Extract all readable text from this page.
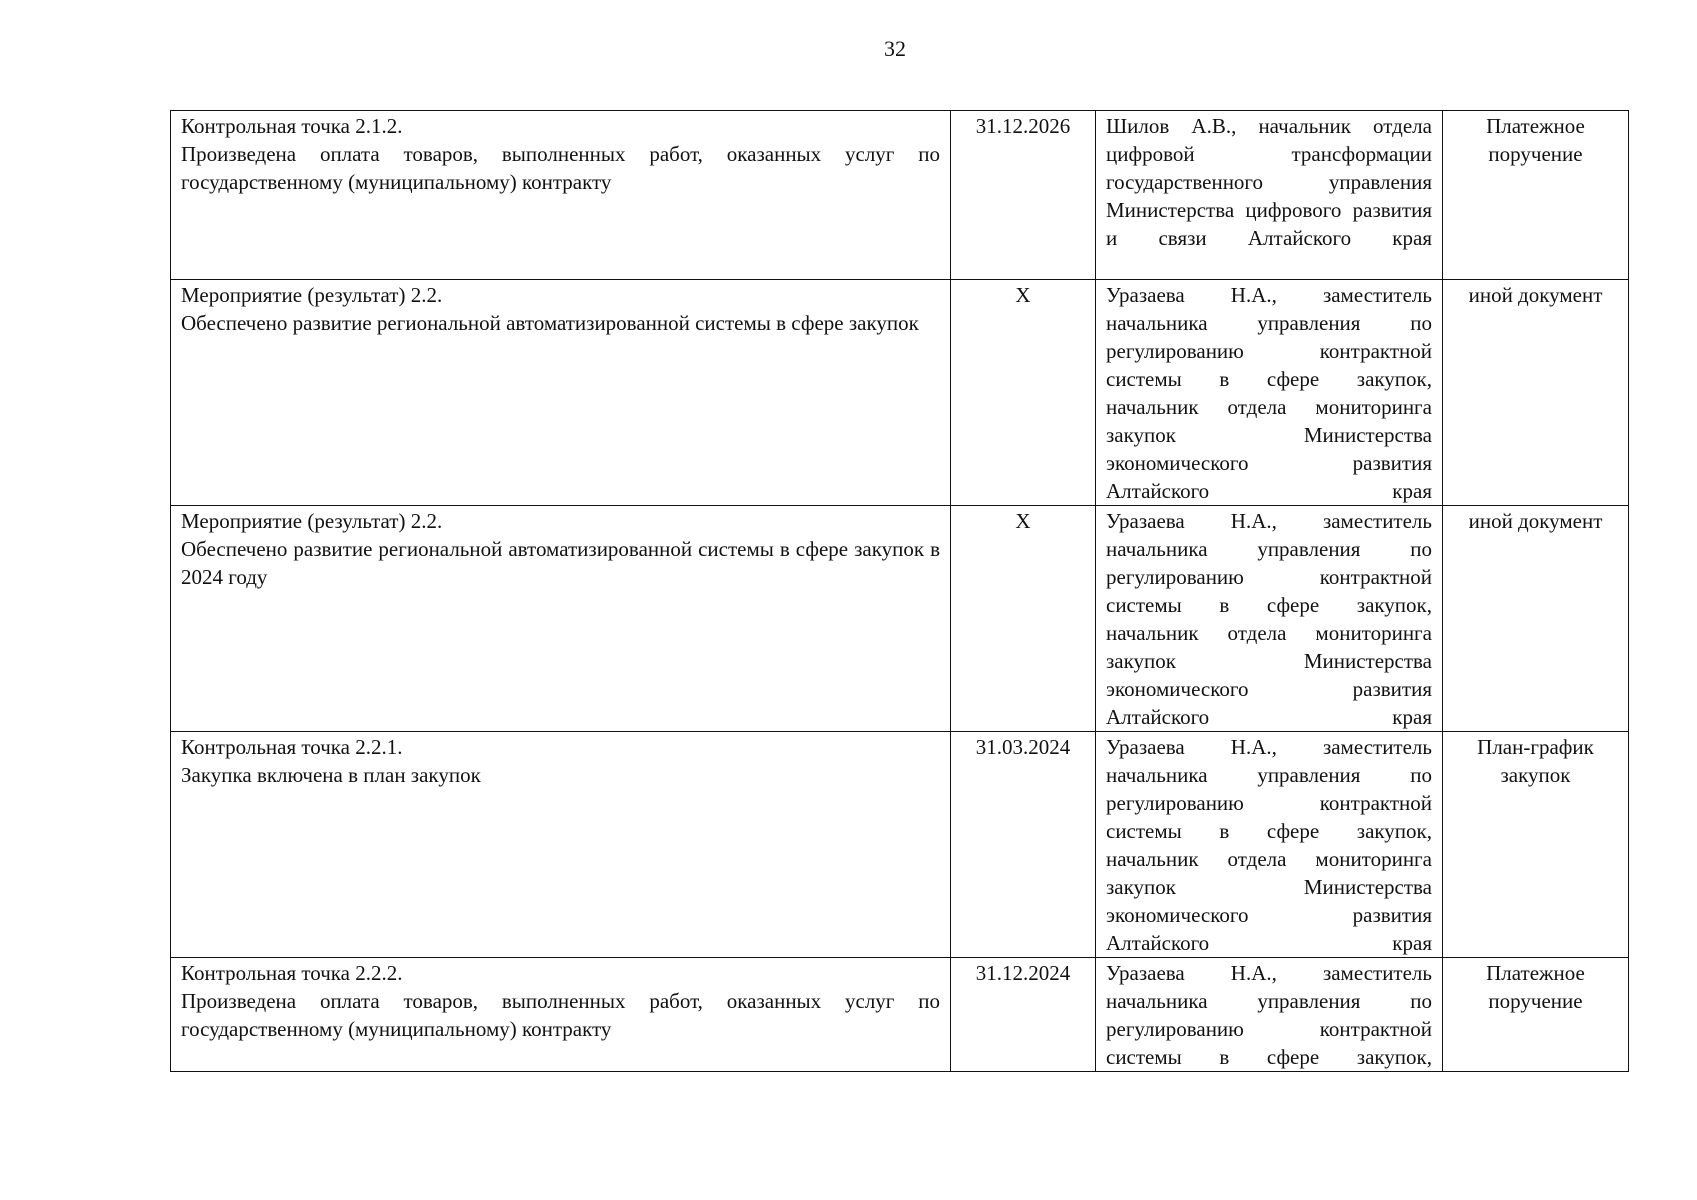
32
Контрольная точка 2.1.2.
Произведена оплата товаров, выполненных работ, оказанных услуг по государственному (муниципальному) контракту	31.12.2026	Шилов А.В., начальник отдела цифровой трансформации государственного управления Министерства цифрового развития и связи Алтайского края	Платежное поручение

Мероприятие (результат) 2.2.
Обеспечено развитие региональной автоматизированной системы в сфере закупок	X	Уразаева Н.А., заместитель начальника управления по регулированию контрактной системы в сфере закупок, начальник отдела мониторинга закупок Министерства экономического развития Алтайского края	иной документ

Мероприятие (результат) 2.2.
Обеспечено развитие региональной автоматизированной системы в сфере закупок в 2024 году	X	Уразаева Н.А., заместитель начальника управления по регулированию контрактной системы в сфере закупок, начальник отдела мониторинга закупок Министерства экономического развития Алтайского края	иной документ

Контрольная точка 2.2.1.
Закупка включена в план закупок	31.03.2024	Уразаева Н.А., заместитель начальника управления по регулированию контрактной системы в сфере закупок, начальник отдела мониторинга закупок Министерства экономического развития Алтайского края	План-график закупок

Контрольная точка 2.2.2.
Произведена оплата товаров, выполненных работ, оказанных услуг по государственному (муниципальному) контракту	31.12.2024	Уразаева Н.А., заместитель начальника управления по регулированию контрактной системы в сфере закупок,	Платежное поручение
